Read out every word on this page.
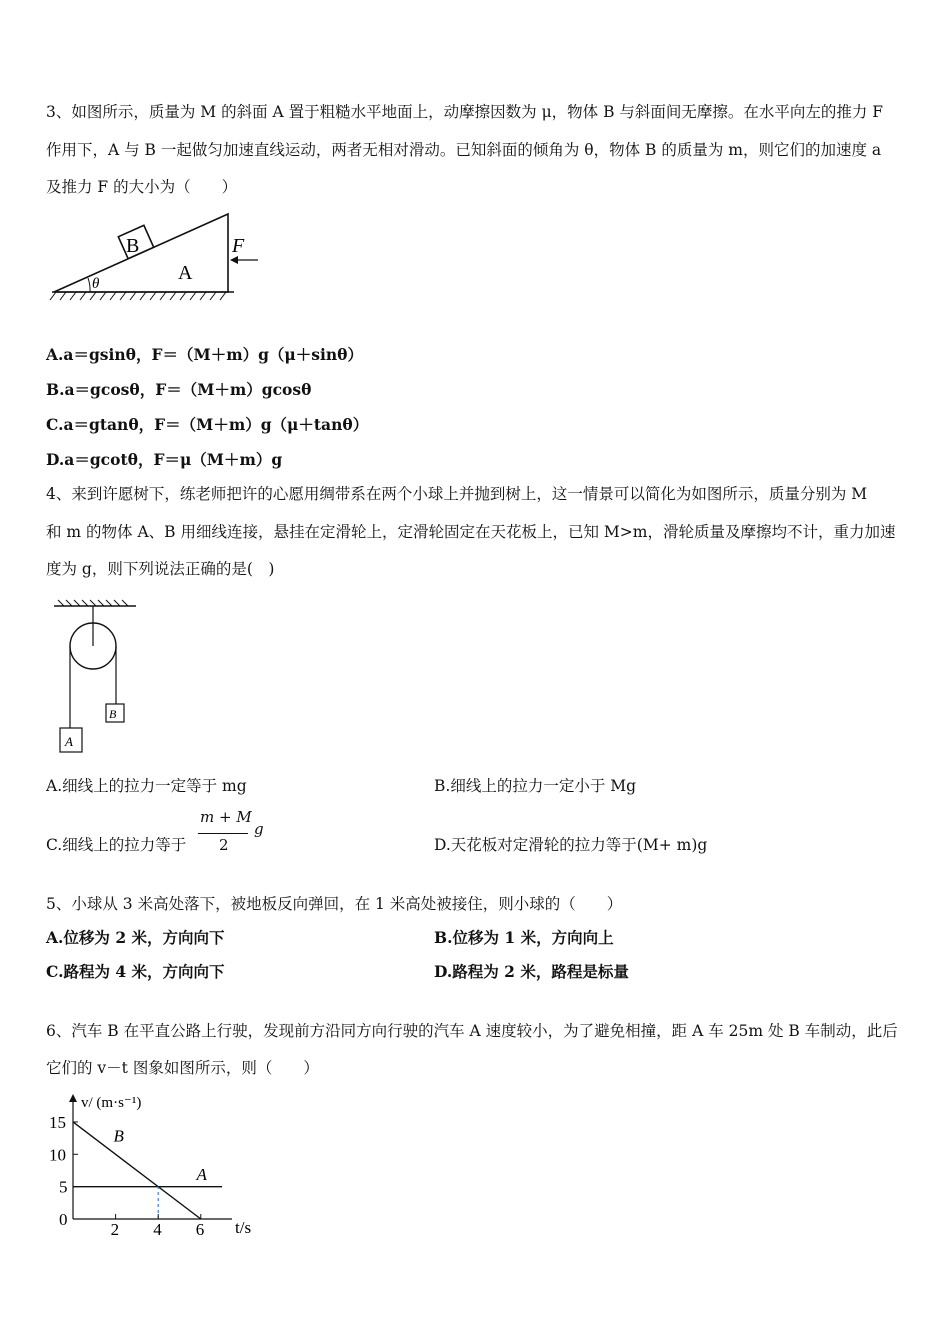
3、如图所示，质量为 M 的斜面 A 置于粗糙水平地面上，动摩擦因数为 μ，物体 B 与斜面间无摩擦。在水平向左的推力 F
作用下，A 与 B 一起做匀加速直线运动，两者无相对滑动。已知斜面的倾角为 θ，物体 B 的质量为 m，则它们的加速度 a
及推力 F 的大小为（　　）
B
A
F
θ
A.a＝gsinθ，F＝（M＋m）g（μ＋sinθ）
B.a＝gcosθ，F＝（M＋m）gcosθ
C.a＝gtanθ，F＝（M＋m）g（μ＋tanθ）
D.a＝gcotθ，F＝μ（M＋m）g
4、来到许愿树下，练老师把许的心愿用绸带系在两个小球上并抛到树上，这一情景可以简化为如图所示，质量分别为 M
和 m 的物体 A、B 用细线连接，悬挂在定滑轮上，定滑轮固定在天花板上，已知 M>m，滑轮质量及摩擦均不计，重力加速
度为 g，则下列说法正确的是(　)
A
B
A.细线上的拉力一定等于 mg	B.细线上的拉力一定小于 Mg
C.细线上的拉力等于
m + M
2
g
D.天花板对定滑轮的拉力等于(M+ m)g
5、小球从 3 米高处落下，被地板反向弹回，在 1 米高处被接住，则小球的（　　）
A.位移为 2 米，方向向下	B.位移为 1 米，方向向上
C.路程为 4 米，方向向下	D.路程为 2 米，路程是标量
6、汽车 B 在平直公路上行驶，发现前方沿同方向行驶的汽车 A 速度较小，为了避免相撞，距 A 车 25m 处 B 车制动，此后
它们的 v－t 图象如图所示，则（　　）
B
A
2 4 6
15
10
5
0
v/ (m·s⁻¹)
t/s
